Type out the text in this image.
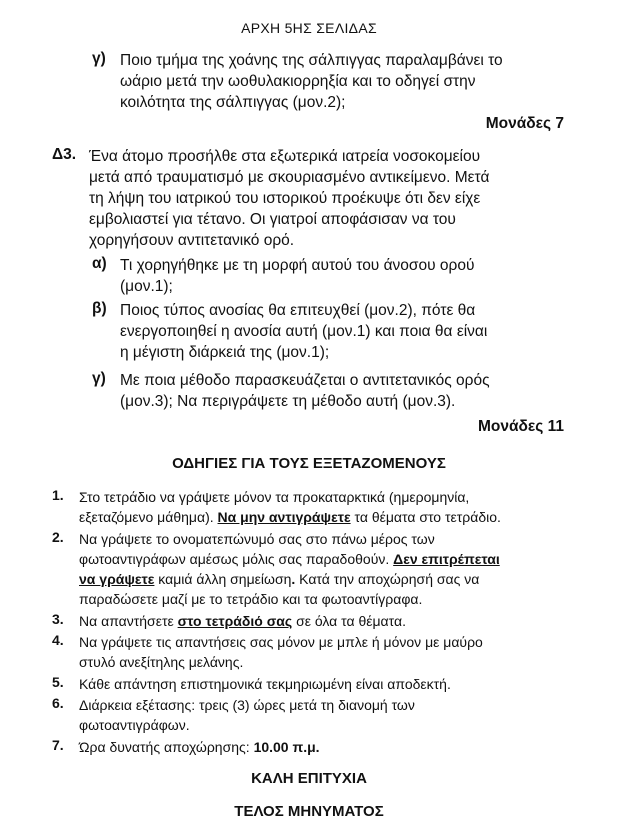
ΑΡΧΗ 5ΗΣ ΣΕΛΙΔΑΣ
γ) Ποιο τμήμα της χοάνης της σάλπιγγας παραλαμβάνει το
ωάριο μετά την ωοθυλακιορρηξία και το οδηγεί στην
κοιλότητα της σάλπιγγας (μον.2);
Μονάδες 7
Δ3. Ένα άτομο προσήλθε στα εξωτερικά ιατρεία νοσοκομείου
μετά από τραυματισμό με σκουριασμένο αντικείμενο. Μετά
τη λήψη του ιατρικού του ιστορικού προέκυψε ότι δεν είχε
εμβολιαστεί για τέτανο. Οι γιατροί αποφάσισαν να του
χορηγήσουν αντιτετανικό ορό.
α) Τι χορηγήθηκε με τη μορφή αυτού του άνοσου ορού
(μον.1);
β) Ποιος τύπος ανοσίας θα επιτευχθεί (μον.2), πότε θα
ενεργοποιηθεί η ανοσία αυτή (μον.1) και ποια θα είναι
η μέγιστη διάρκειά της (μον.1);
γ) Με ποια μέθοδο παρασκευάζεται ο αντιτετανικός ορός
(μον.3); Να περιγράψετε τη μέθοδο αυτή (μον.3).
Μονάδες 11
ΟΔΗΓΙΕΣ ΓΙΑ ΤΟΥΣ ΕΞΕΤΑΖΟΜΕΝΟΥΣ
1. Στο τετράδιο να γράψετε μόνον τα προκαταρκτικά (ημερομηνία,
εξεταζόμενο μάθημα). Να μην αντιγράψετε τα θέματα στο τετράδιο.
2. Να γράψετε το ονοματεπώνυμό σας στο πάνω μέρος των
φωτοαντιγράφων αμέσως μόλις σας παραδοθούν. Δεν επιτρέπεται
να γράψετε καμιά άλλη σημείωση. Κατά την αποχώρησή σας να
παραδώσετε μαζί με το τετράδιο και τα φωτοαντίγραφα.
3. Να απαντήσετε στο τετράδιό σας σε όλα τα θέματα.
4. Να γράψετε τις απαντήσεις σας μόνον με μπλε ή μόνον με μαύρο
στυλό ανεξίτηλης μελάνης.
5. Κάθε απάντηση επιστημονικά τεκμηριωμένη είναι αποδεκτή.
6. Διάρκεια εξέτασης: τρεις (3) ώρες μετά τη διανομή των
φωτοαντιγράφων.
7. Ώρα δυνατής αποχώρησης: 10.00 π.μ.
ΚΑΛΗ ΕΠΙΤΥΧΙΑ
ΤΕΛΟΣ ΜΗΝΥΜΑΤΟΣ
